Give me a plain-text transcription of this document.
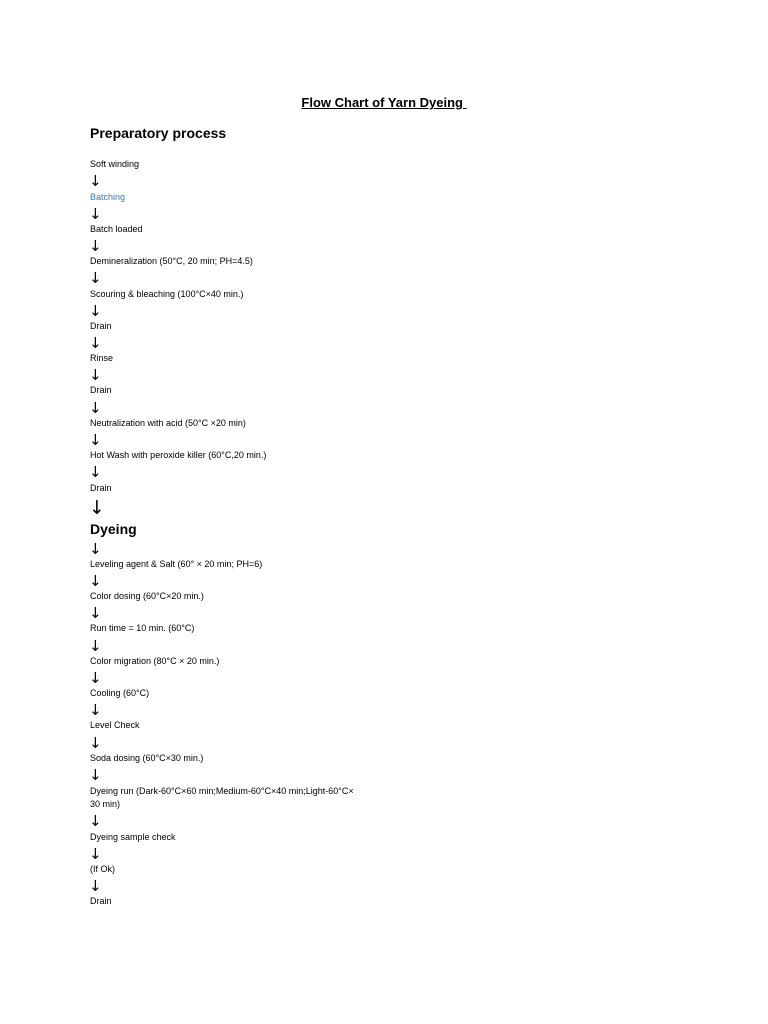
Flow Chart of Yarn Dyeing
Preparatory process
Soft winding
↓
Batching
↓
Batch loaded
↓
Demineralization (50°C, 20 min; PH=4.5)
↓
Scouring & bleaching (100°C×40 min.)
↓
Drain
↓
Rinse
↓
Drain
↓
Neutralization with acid (50°C ×20 min)
↓
Hot Wash with peroxide killer (60°C,20 min.)
↓
Drain
↓
Dyeing
↓
Leveling agent & Salt (60° × 20 min; PH=6)
↓
Color dosing (60°C×20 min.)
↓
Run time = 10 min. (60°C)
↓
Color migration (80°C × 20 min.)
↓
Cooling (60°C)
↓
Level Check
↓
Soda dosing (60°C×30 min.)
↓
Dyeing run (Dark-60°C×60 min;Medium-60°C×40 min;Light-60°C×
30 min)
↓
Dyeing sample check
↓
(If Ok)
↓
Drain
